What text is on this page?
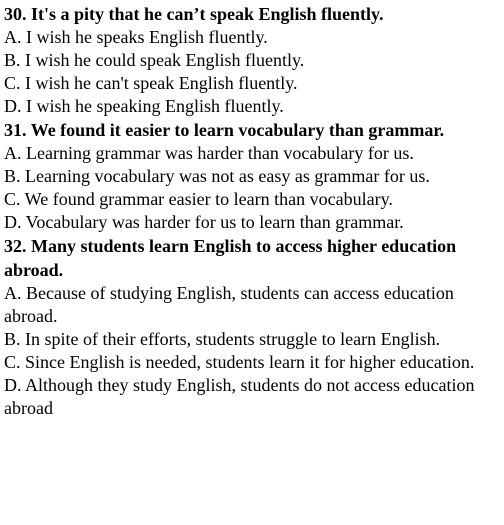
30. It's a pity that he can’t speak English fluently.

A. I wish he speaks English fluently.

B. I wish he could speak English fluently.

C. I wish he can't speak English fluently.

D. I wish he speaking English fluently.

31. We found it easier to learn vocabulary than grammar.

A. Learning grammar was harder than vocabulary for us.

B. Learning vocabulary was not as easy as grammar for us.

C. We found grammar easier to learn than vocabulary.

D. Vocabulary was harder for us to learn than grammar.

32. Many students learn English to access higher education abroad.

A. Because of studying English, students can access education abroad.

B. In spite of their efforts, students struggle to learn English.

C. Since English is needed, students learn it for higher education.

D. Although they study English, students do not access education abroad
